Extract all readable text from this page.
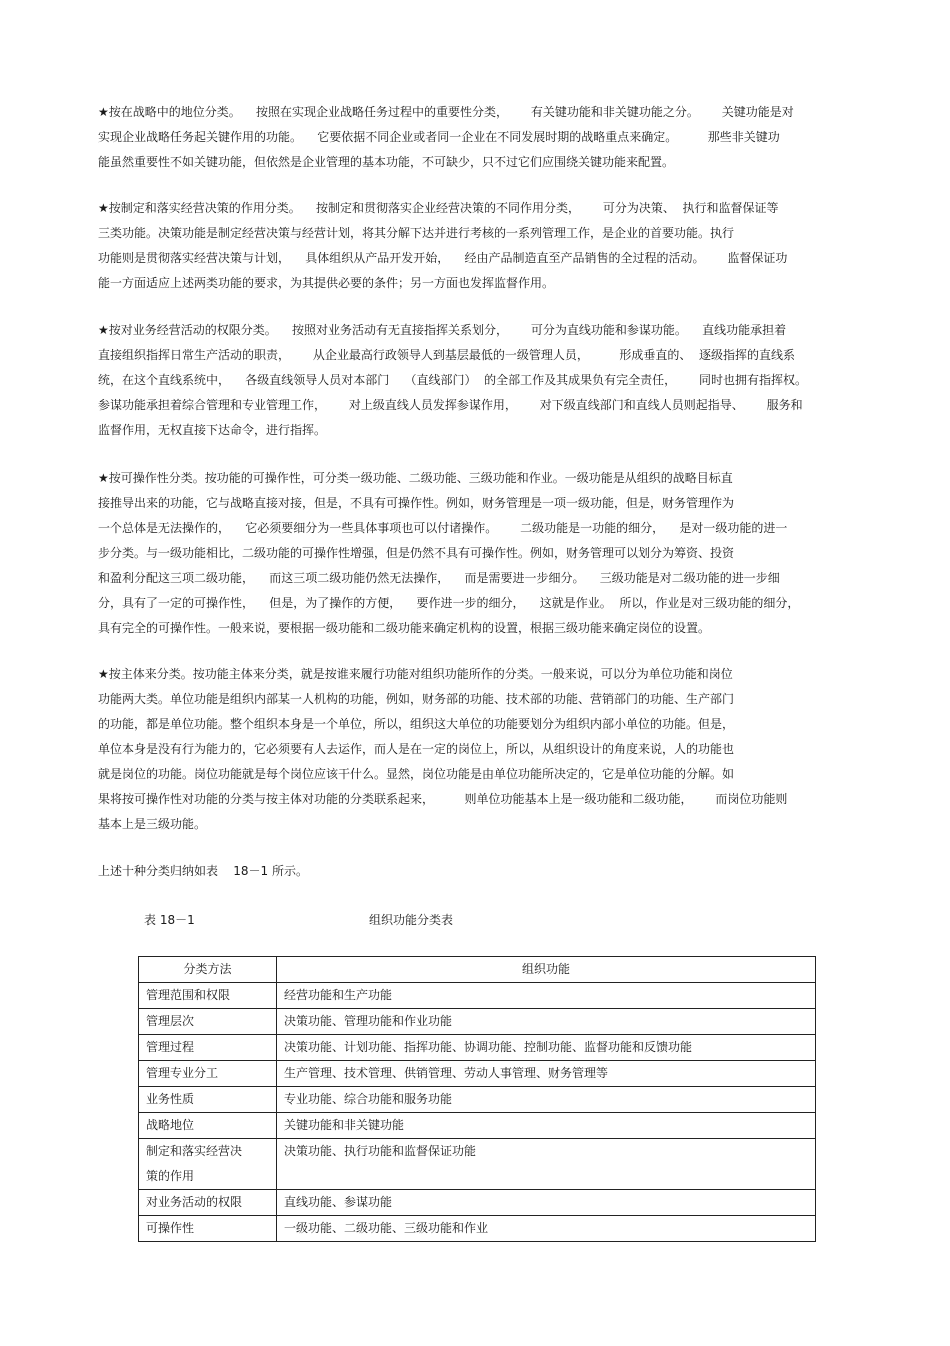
★按在战略中的地位分类。    按照在实现企业战略任务过程中的重要性分类，      有关键功能和非关键功能之分。      关键功能是对
实现企业战略任务起关键作用的功能。    它要依据不同企业或者同一企业在不同发展时期的战略重点来确定。        那些非关键功
能虽然重要性不如关键功能，但依然是企业管理的基本功能，不可缺少，只不过它们应围绕关键功能来配置。
★按制定和落实经营决策的作用分类。    按制定和贯彻落实企业经营决策的不同作用分类，      可分为决策、  执行和监督保证等
三类功能。决策功能是制定经营决策与经营计划，将其分解下达并进行考核的一系列管理工作，是企业的首要功能。执行
功能则是贯彻落实经营决策与计划，    具体组织从产品开发开始，    经由产品制造直至产品销售的全过程的活动。      监督保证功
能一方面适应上述两类功能的要求，为其提供必要的条件；另一方面也发挥监督作用。
★按对业务经营活动的权限分类。    按照对业务活动有无直接指挥关系划分，      可分为直线功能和参谋功能。    直线功能承担着
直接组织指挥日常生产活动的职责，      从企业最高行政领导人到基层最低的一级管理人员，        形成垂直的、  逐级指挥的直线系
统，在这个直线系统中，    各级直线领导人员对本部门    （直线部门）  的全部工作及其成果负有完全责任，      同时也拥有指挥权。
参谋功能承担着综合管理和专业管理工作，      对上级直线人员发挥参谋作用，      对下级直线部门和直线人员则起指导、      服务和
监督作用，无权直接下达命令，进行指挥。
★按可操作性分类。按功能的可操作性，可分类一级功能、二级功能、三级功能和作业。一级功能是从组织的战略目标直
接推导出来的功能，它与战略直接对接，但是，不具有可操作性。例如，财务管理是一项一级功能，但是，财务管理作为
一个总体是无法操作的，    它必须要细分为一些具体事项也可以付诸操作。      二级功能是一功能的细分，    是对一级功能的进一
步分类。与一级功能相比，二级功能的可操作性增强，但是仍然不具有可操作性。例如，财务管理可以划分为筹资、投资
和盈利分配这三项二级功能，    而这三项二级功能仍然无法操作，    而是需要进一步细分。    三级功能是对二级功能的进一步细
分，具有了一定的可操作性，    但是，为了操作的方便，    要作进一步的细分，    这就是作业。  所以，作业是对三级功能的细分，
具有完全的可操作性。一般来说，要根据一级功能和二级功能来确定机构的设置，根据三级功能来确定岗位的设置。
★按主体来分类。按功能主体来分类，就是按谁来履行功能对组织功能所作的分类。一般来说，可以分为单位功能和岗位
功能两大类。单位功能是组织内部某一人机构的功能，例如，财务部的功能、技术部的功能、营销部门的功能、生产部门
的功能，都是单位功能。整个组织本身是一个单位，所以，组织这大单位的功能要划分为组织内部小单位的功能。但是，
单位本身是没有行为能力的，它必须要有人去运作，而人是在一定的岗位上，所以，从组织设计的角度来说，人的功能也
就是岗位的功能。岗位功能就是每个岗位应该干什么。显然，岗位功能是由单位功能所决定的，它是单位功能的分解。如
果将按可操作性对功能的分类与按主体对功能的分类联系起来，        则单位功能基本上是一级功能和二级功能，      而岗位功能则
基本上是三级功能。
上述十种分类归纳如表    18－1 所示。
表 18－1	组织功能分类表
分类方法	组织功能
管理范围和权限	经营功能和生产功能
管理层次	决策功能、管理功能和作业功能
管理过程	决策功能、计划功能、指挥功能、协调功能、控制功能、监督功能和反馈功能
管理专业分工	生产管理、技术管理、供销管理、劳动人事管理、财务管理等
业务性质	专业功能、综合功能和服务功能
战略地位	关键功能和非关键功能
制定和落实经营决
策的作用	决策功能、执行功能和监督保证功能
对业务活动的权限	直线功能、参谋功能
可操作性	一级功能、二级功能、三级功能和作业
